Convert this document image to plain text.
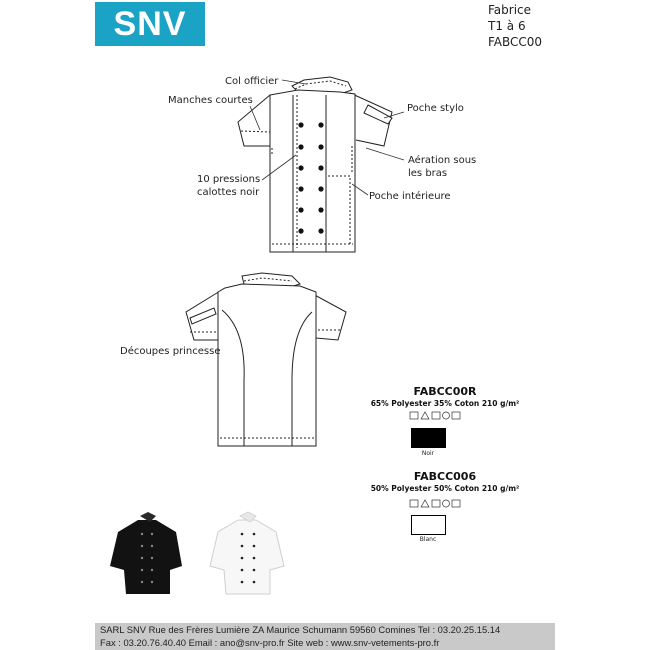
SNV	Fabrice
T1 à 6
FABCC00
Col officier
Manches courtes
Poche stylo
Aération sous
les bras
10 pressions
calottes noir	Poche intérieure
Découpes princesse
FABCC00R
65% Polyester 35% Coton 210 g/m²
Noir
FABCC006
50% Polyester 50% Coton 210 g/m²
Blanc
SARL SNV Rue des Frères Lumière ZA Maurice Schumann 59560 Comines Tel : 03.20.25.15.14
Fax : 03.20.76.40.40 Email : ano@snv-pro.fr Site web : www.snv-vetements-pro.fr
